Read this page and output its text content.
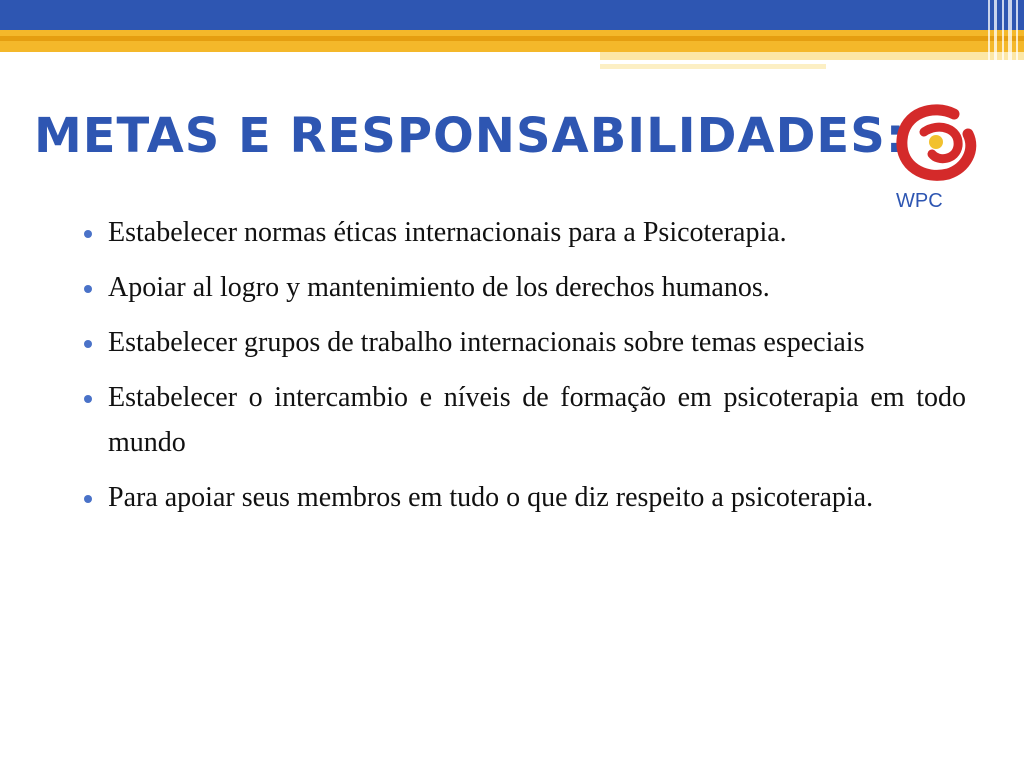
METAS E RESPONSABILIDADES:
WPC
Estabelecer normas éticas internacionais para a Psicoterapia.
Apoiar al logro y mantenimiento de los derechos humanos.
Estabelecer grupos de trabalho internacionais sobre temas especiais
Estabelecer o intercambio e níveis de formação em psicoterapia em todo mundo
Para apoiar seus membros em tudo o que diz respeito a psicoterapia.
